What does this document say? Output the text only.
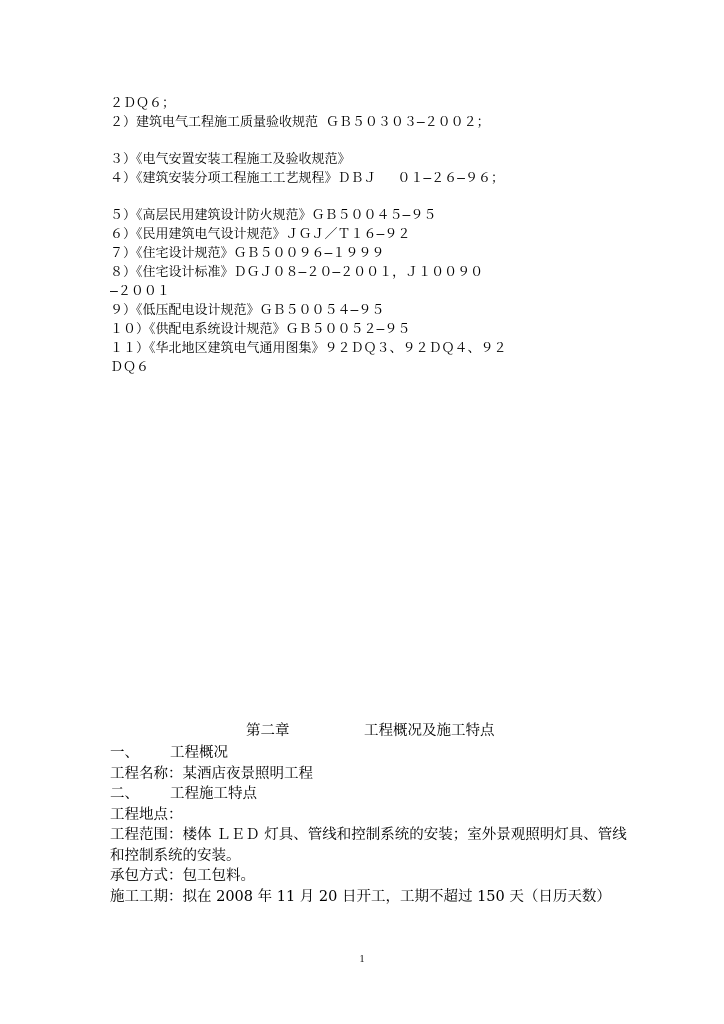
２ＤＱ６；
２）建筑电气工程施工质量验收规范 ＧＢ５０３０３—２００２；
３）《电气安置安装工程施工及验收规范》
４）《建筑安装分项工程施工工艺规程》ＤＢＪ　 ０１—２６—９６；
５）《高层民用建筑设计防火规范》ＧＢ５００４５—９５
６）《民用建筑电气设计规范》ＪＧＪ／Ｔ１６—９２
７）《住宅设计规范》ＧＢ５００９６—１９９９
８）《住宅设计标准》ＤＧＪ０８—２０—２００１，Ｊ１００９０
—２００１
９）《低压配电设计规范》ＧＢ５００５４—９５
１０）《供配电系统设计规范》ＧＢ５００５２—９５
１１）《华北地区建筑电气通用图集》９２ＤＱ３、９２ＤＱ４、９２
ＤＱ６
第二章	工程概况及施工特点
一、 工程概况
工程名称：某酒店夜景照明工程
二、 工程施工特点
工程地点：
工程范围：楼体 ＬＥＤ 灯具、管线和控制系统的安装；室外景观照明灯具、管线和控制系统的安装。
承包方式：包工包料。
施工工期：拟在 2008 年 11 月 20 日开工，工期不超过 150 天（日历天数）
1
